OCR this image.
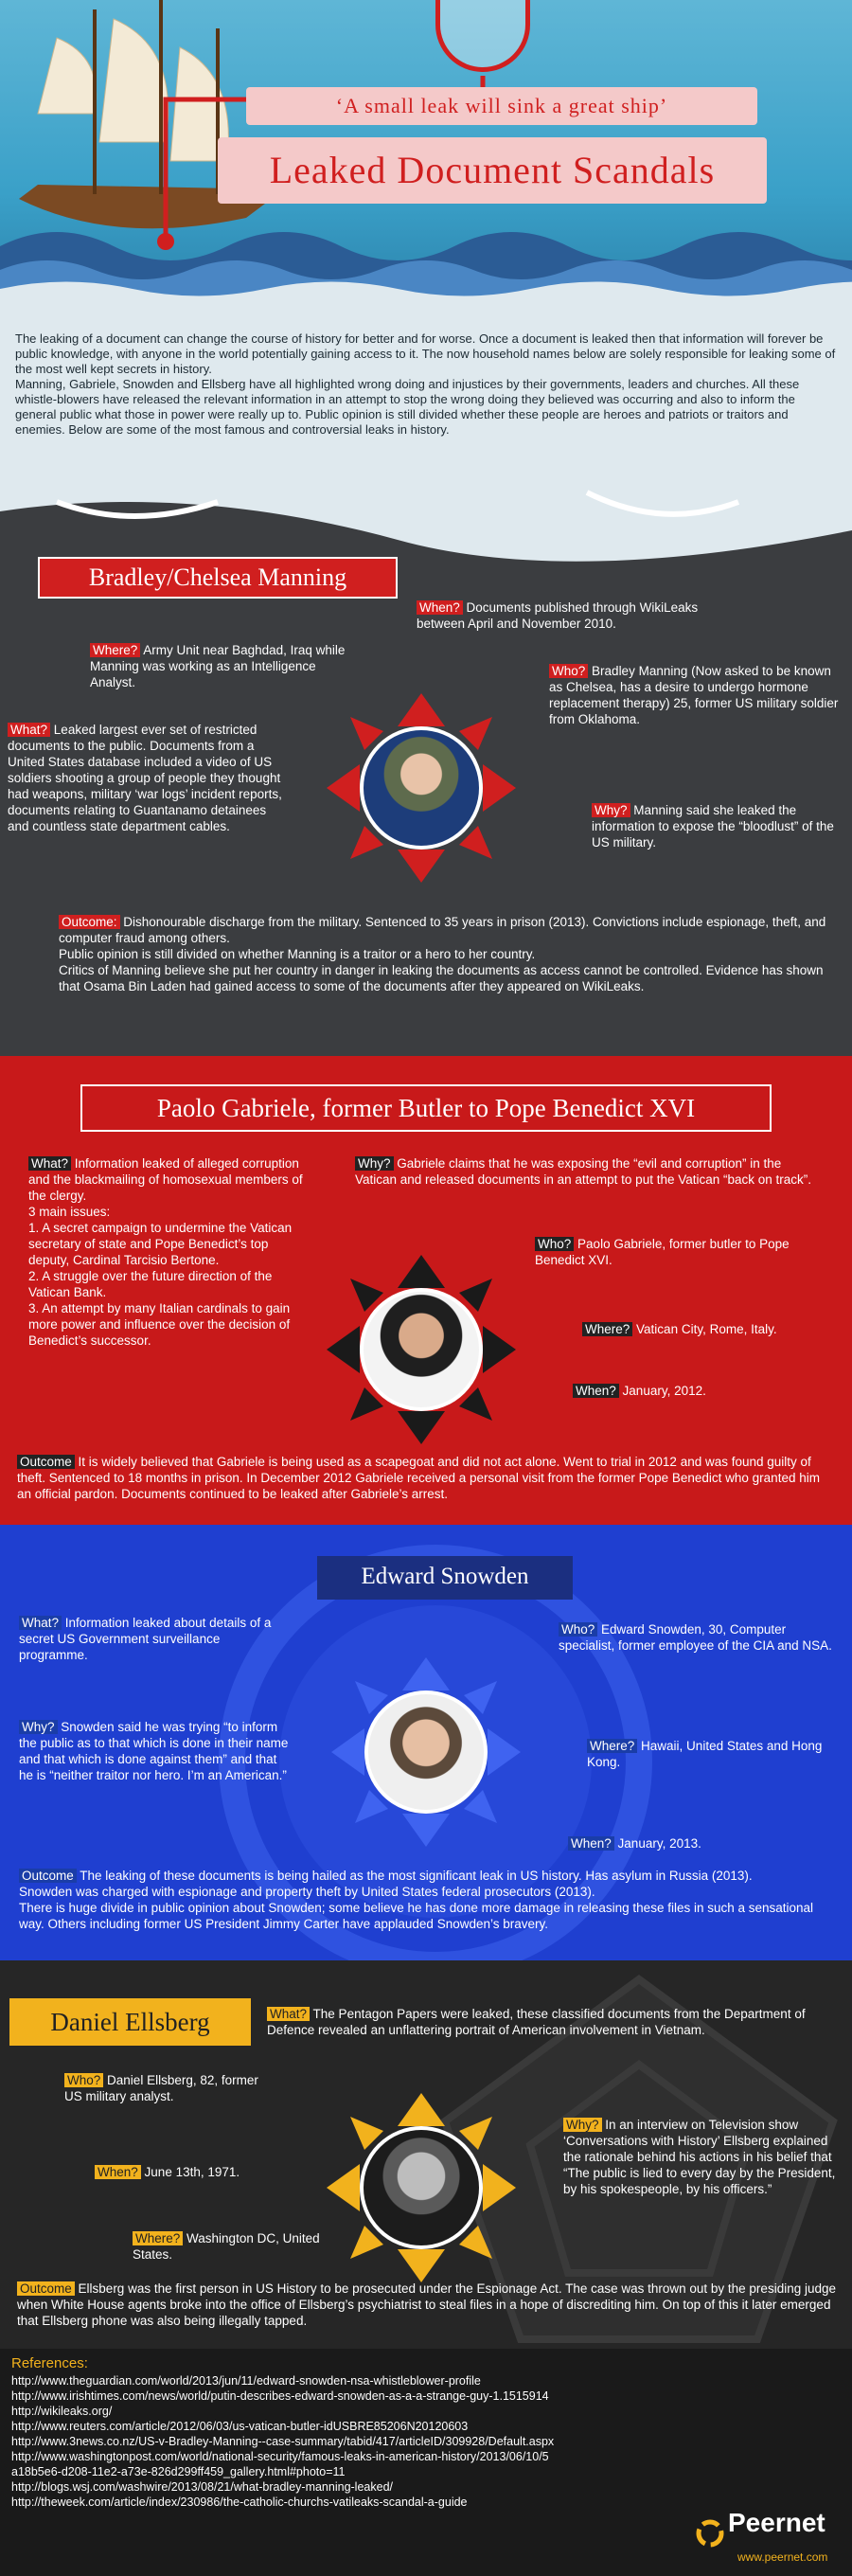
‘A small leak will sink a great ship’
Leaked Document Scandals

The leaking of a document can change the course of history for better and for worse. Once a document is leaked then that information will forever be public knowledge, with anyone in the world potentially gaining access to it. The now household names below are solely responsible for leaking some of the most well kept secrets in history.

Manning, Gabriele, Snowden and Ellsberg have all highlighted wrong doing and injustices by their governments, leaders and churches. All these whistle-blowers have released the relevant information in an attempt to stop the wrong doing they believed was occurring and also to inform the general public what those in power were really up to. Public opinion is still divided whether these people are heroes and patriots or traitors and enemies. Below are some of the most famous and controversial leaks in history.

Bradley/Chelsea Manning
When? Documents published through WikiLeaks between April and November 2010.
Where? Army Unit near Baghdad, Iraq while Manning was working as an Intelligence Analyst.
Who? Bradley Manning (Now asked to be known as Chelsea, has a desire to undergo hormone replacement therapy) 25, former US military soldier from Oklahoma.
What? Leaked largest ever set of restricted documents to the public. Documents from a United States database included a video of US soldiers shooting a group of people they thought had weapons, military ‘war logs’ incident reports, documents relating to Guantanamo detainees and countless state department cables.
Why? Manning said she leaked the information to expose the “bloodlust” of the US military.
Outcome: Dishonourable discharge from the military. Sentenced to 35 years in prison (2013). Convictions include espionage, theft, and computer fraud among others.
Public opinion is still divided on whether Manning is a traitor or a hero to her country.
Critics of Manning believe she put her country in danger in leaking the documents as access cannot be controlled. Evidence has shown that Osama Bin Laden had gained access to some of the documents after they appeared on WikiLeaks.
Paolo Gabriele, former Butler to Pope Benedict XVI
What? Information leaked of alleged corruption and the blackmailing of homosexual members of the clergy.
3 main issues:
1. A secret campaign to undermine the Vatican secretary of state and Pope Benedict’s top deputy, Cardinal Tarcisio Bertone.
2. A struggle over the future direction of the Vatican Bank.
3. An attempt by many Italian cardinals to gain more power and influence over the decision of Benedict’s successor.
Why? Gabriele claims that he was exposing the “evil and corruption” in the Vatican and released documents in an attempt to put the Vatican “back on track”.
Who? Paolo Gabriele, former butler to Pope Benedict XVI.
Where? Vatican City, Rome, Italy.
When? January, 2012.
Outcome It is widely believed that Gabriele is being used as a scapegoat and did not act alone. Went to trial in 2012 and was found guilty of theft. Sentenced to 18 months in prison. In December 2012 Gabriele received a personal visit from the former Pope Benedict who granted him an official pardon. Documents continued to be leaked after Gabriele’s arrest.
Edward Snowden
What? Information leaked about details of a secret US Government surveillance programme.
Who? Edward Snowden, 30, Computer specialist, former employee of the CIA and NSA.
Why? Snowden said he was trying “to inform the public as to that which is done in their name and that which is done against them” and that he is “neither traitor nor hero. I’m an American.”
Where? Hawaii, United States and Hong Kong.
When? January, 2013.
Outcome The leaking of these documents is being hailed as the most significant leak in US history. Has asylum in Russia (2013).
Snowden was charged with espionage and property theft by United States federal prosecutors (2013).
There is huge divide in public opinion about Snowden; some believe he has done more damage in releasing these files in such a sensational way. Others including former US President Jimmy Carter have applauded Snowden’s bravery.
Daniel Ellsberg	What? The Pentagon Papers were leaked, these classified documents from the Department of Defence revealed an unflattering portrait of American involvement in Vietnam.
Who? Daniel Ellsberg, 82, former US military analyst.
Why? In an interview on Television show ‘Conversations with History’ Ellsberg explained the rationale behind his actions in his belief that “The public is lied to every day by the President, by his spokespeople, by his officers.”
When? June 13th, 1971.
Where? Washington DC, United States.
Outcome Ellsberg was the first person in US History to be prosecuted under the Espionage Act. The case was thrown out by the presiding judge when White House agents broke into the office of Ellsberg’s psychiatrist to steal files in a hope of discrediting him. On top of this it later emerged that Ellsberg phone was also being illegally tapped.
References:
http://www.theguardian.com/world/2013/jun/11/edward-snowden-nsa-whistleblower-profile
http://www.irishtimes.com/news/world/putin-describes-edward-snowden-as-a-a-strange-guy-1.1515914
http://wikileaks.org/
http://www.reuters.com/article/2012/06/03/us-vatican-butler-idUSBRE85206N20120603
http://www.3news.co.nz/US-v-Bradley-Manning--case-summary/tabid/417/articleID/309928/Default.aspx
http://www.washingtonpost.com/world/national-security/famous-leaks-in-american-history/2013/06/10/5
a18b5e6-d208-11e2-a73e-826d299ff459_gallery.html#photo=11
http://blogs.wsj.com/washwire/2013/08/21/what-bradley-manning-leaked/
http://theweek.com/article/index/230986/the-catholic-churchs-vatileaks-scandal-a-guide
Peernet
www.peernet.com
